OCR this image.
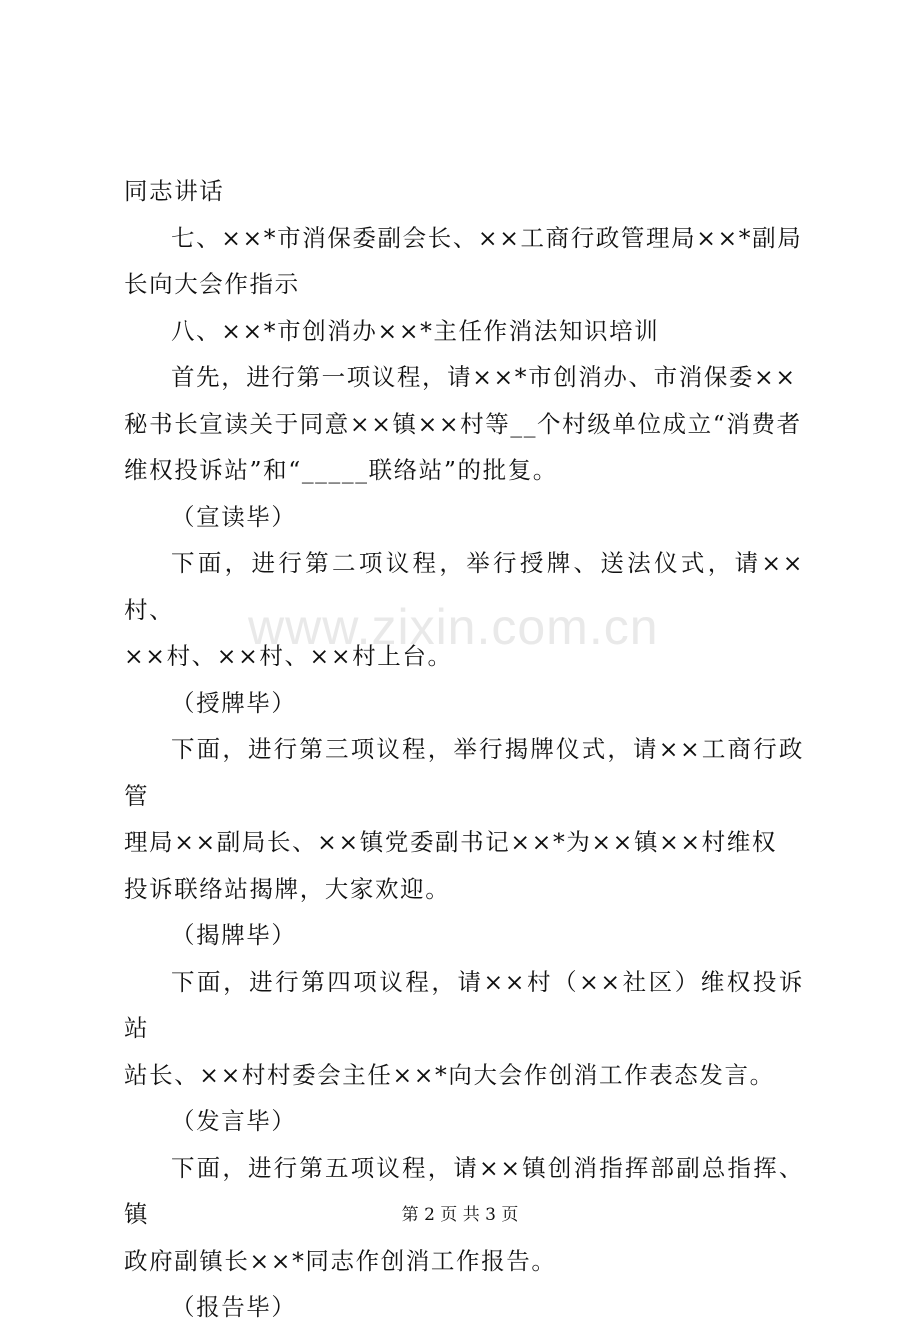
同志讲话

七、××*市消保委副会长、××工商行政管理局××*副局
长向大会作指示

八、××*市创消办××*主任作消法知识培训

首先，进行第一项议程，请××*市创消办、市消保委××
秘书长宣读关于同意××镇××村等__个村级单位成立“消费者
维权投诉站”和“_____联络站”的批复。

（宣读毕）

下面，进行第二项议程，举行授牌、送法仪式，请××村、
××村、××村、××村上台。

（授牌毕）

下面，进行第三项议程，举行揭牌仪式，请××工商行政管
理局××副局长、××镇党委副书记××*为××镇××村维权
投诉联络站揭牌，大家欢迎。

（揭牌毕）

下面，进行第四项议程，请××村（××社区）维权投诉站
站长、××村村委会主任××*向大会作创消工作表态发言。

（发言毕）

下面，进行第五项议程，请××镇创消指挥部副总指挥、镇
政府副镇长××*同志作创消工作报告。

（报告毕）

www.zixin.com.cn
第 2 页 共 3 页
